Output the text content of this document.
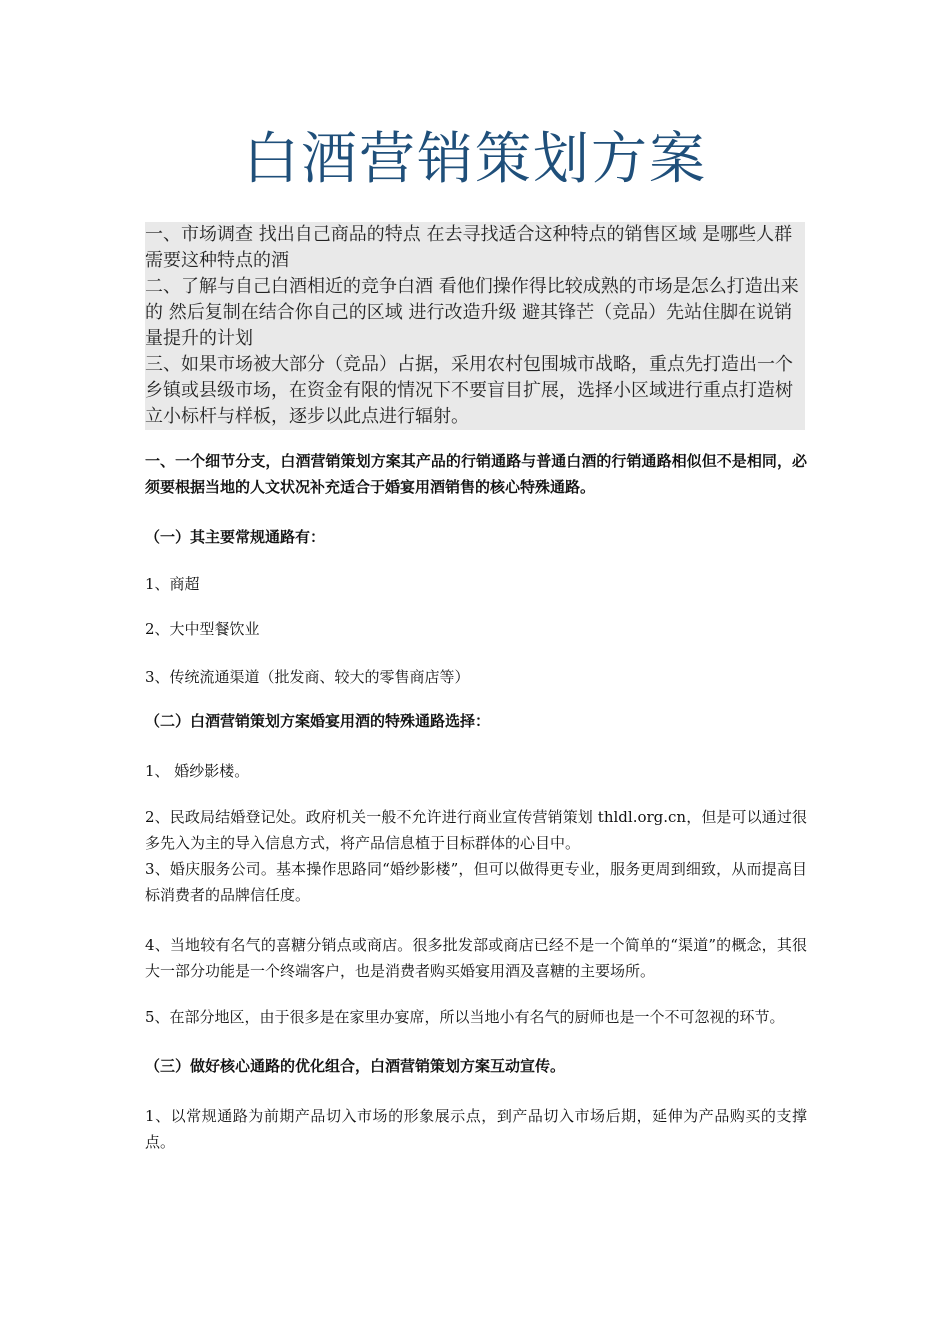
白酒营销策划方案

一、市场调查 找出自己商品的特点 在去寻找适合这种特点的销售区域 是哪些人群需要这种特点的酒

二、了解与自己白酒相近的竞争白酒 看他们操作得比较成熟的市场是怎么打造出来的 然后复制在结合你自己的区域 进行改造升级 避其锋芒（竞品）先站住脚在说销量提升的计划

三、如果市场被大部分（竞品）占据，采用农村包围城市战略，重点先打造出一个乡镇或县级市场，在资金有限的情况下不要盲目扩展，选择小区域进行重点打造树立小标杆与样板，逐步以此点进行辐射。

一、一个细节分支，白酒营销策划方案其产品的行销通路与普通白酒的行销通路相似但不是相同，必须要根据当地的人文状况补充适合于婚宴用酒销售的核心特殊通路。

（一）其主要常规通路有：

1、商超

2、大中型餐饮业

3、传统流通渠道（批发商、较大的零售商店等）

（二）白酒营销策划方案婚宴用酒的特殊通路选择：

1、 婚纱影楼。

2、民政局结婚登记处。政府机关一般不允许进行商业宣传营销策划 thldl.org.cn，但是可以通过很多先入为主的导入信息方式，将产品信息植于目标群体的心目中。

3、婚庆服务公司。基本操作思路同“婚纱影楼”，但可以做得更专业，服务更周到细致，从而提高目标消费者的品牌信任度。

4、当地较有名气的喜糖分销点或商店。很多批发部或商店已经不是一个简单的“渠道”的概念，其很大一部分功能是一个终端客户，也是消费者购买婚宴用酒及喜糖的主要场所。

5、在部分地区，由于很多是在家里办宴席，所以当地小有名气的厨师也是一个不可忽视的环节。

（三）做好核心通路的优化组合，白酒营销策划方案互动宣传。

1、以常规通路为前期产品切入市场的形象展示点，到产品切入市场后期，延伸为产品购买的支撑点。
